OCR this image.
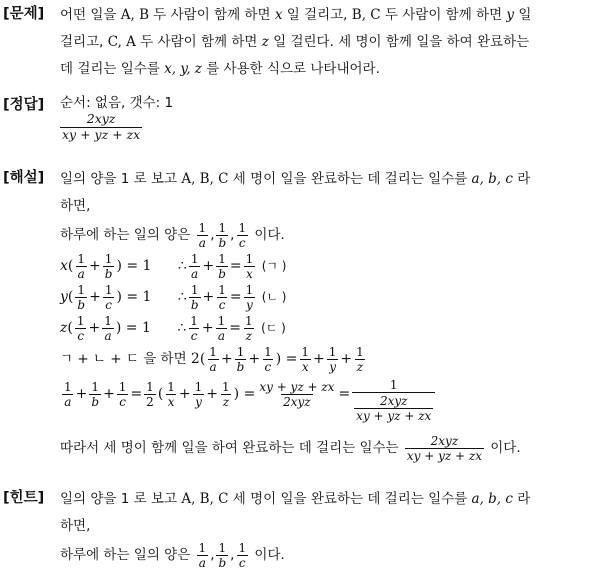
[문제] 어떤 일을 A, B 두 사람이 함께 하면 x 일 걸리고, B, C 두 사람이 함께 하면 y 일
걸리고, C, A 두 사람이 함께 하면 z 일 걸린다. 세 명이 함께 일을 하여 완료하는
데 걸리는 일수를 x, y, z 를 사용한 식으로 나타내어라.
[정답] 순서: 없음, 갯수: 1
$\frac{\text{2xyz}}{xy + yz + zx}$
[해설] 일의 양을 1 로 보고 A, B, C 세 명이 일을 완료하는 데 걸리는 일수를 a, b, c 라
하면,
하루에 하는 일의 양은 $\frac{1}{a}$ , $\frac{1}{b}$ , $\frac{1}{c}$ 이다.
$x( \frac{1}{a} + \frac{1}{b}$ ) = 1 ∴ $\frac{1}{a} + \frac{1}{b} = \frac{1}{x}$ (ㄱ )
$y( \frac{1}{b} + \frac{1}{c}$ ) = 1 ∴ $\frac{1}{b} + \frac{1}{c} = \frac{1}{y}$ (ㄴ )
$z( \frac{1}{c} + \frac{1}{a}$ ) = 1 ∴ $\frac{1}{c} + \frac{1}{a} = \frac{1}{z}$ (ㄷ )
ㄱ + ㄴ + ㄷ 을 하면 $2( \frac{1}{a} + \frac{1}{b} + \frac{1}{c}$ ) = $\frac{1}{x} + \frac{1}{y} + \frac{1}{z}$
$\frac{1}{a} + \frac{1}{b} + \frac{1}{c} = \frac{1}{2}$ ( $\frac{1}{x} + \frac{1}{y} + \frac{1}{z}$ ) = $\frac{xy + yz + zx}{\text{2xyz}} = \frac{1}{\frac{\text{2xyz}}{xy + yz + zx}}$
따라서 세 명이 함께 일을 하여 완료하는 데 걸리는 일수는 $\frac{\text{2xyz}}{xy + yz + zx}$ 이다.
[힌트] 일의 양을 1 로 보고 A, B, C 세 명이 일을 완료하는 데 걸리는 일수를 a, b, c 라
하면,
하루에 하는 일의 양은 $\frac{1}{a}$ , $\frac{1}{b}$ , $\frac{1}{c}$ 이다.
